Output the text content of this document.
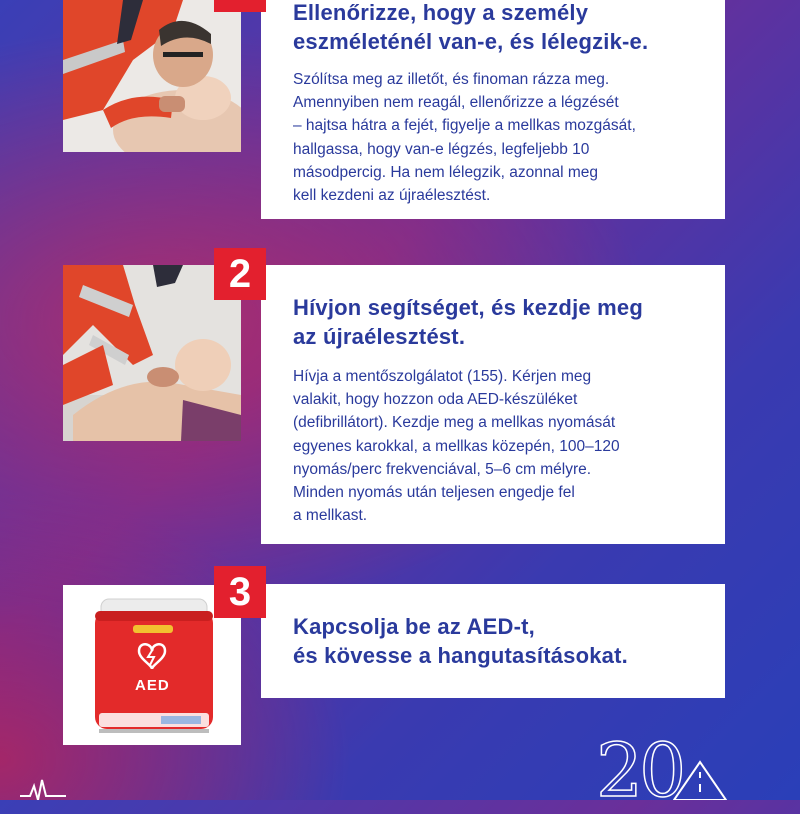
Ellenőrizze, hogy a személy
eszméleténél van-e, és lélegzik-e.

Szólítsa meg az illetőt, és finoman rázza meg.
Amennyiben nem reagál, ellenőrizze a légzését
– hajtsa hátra a fejét, figyelje a mellkas mozgását,
hallgassa, hogy van-e légzés, legfeljebb 10
másodpercig. Ha nem lélegzik, azonnal meg
kell kezdeni az újraélesztést.

Hívjon segítséget, és kezdje meg
az újraélesztést.

Hívja a mentőszolgálatot (155). Kérjen meg
valakit, hogy hozzon oda AED-készüléket
(defibrillátort). Kezdje meg a mellkas nyomását
egyenes karokkal, a mellkas közepén, 100–120
nyomás/perc frekvenciával, 5–6 cm mélyre.
Minden nyomás után teljesen engedje fel
a mellkast.

2
AED
Kapcsolja be az AED-t,
és kövesse a hangutasításokat.
3
20
